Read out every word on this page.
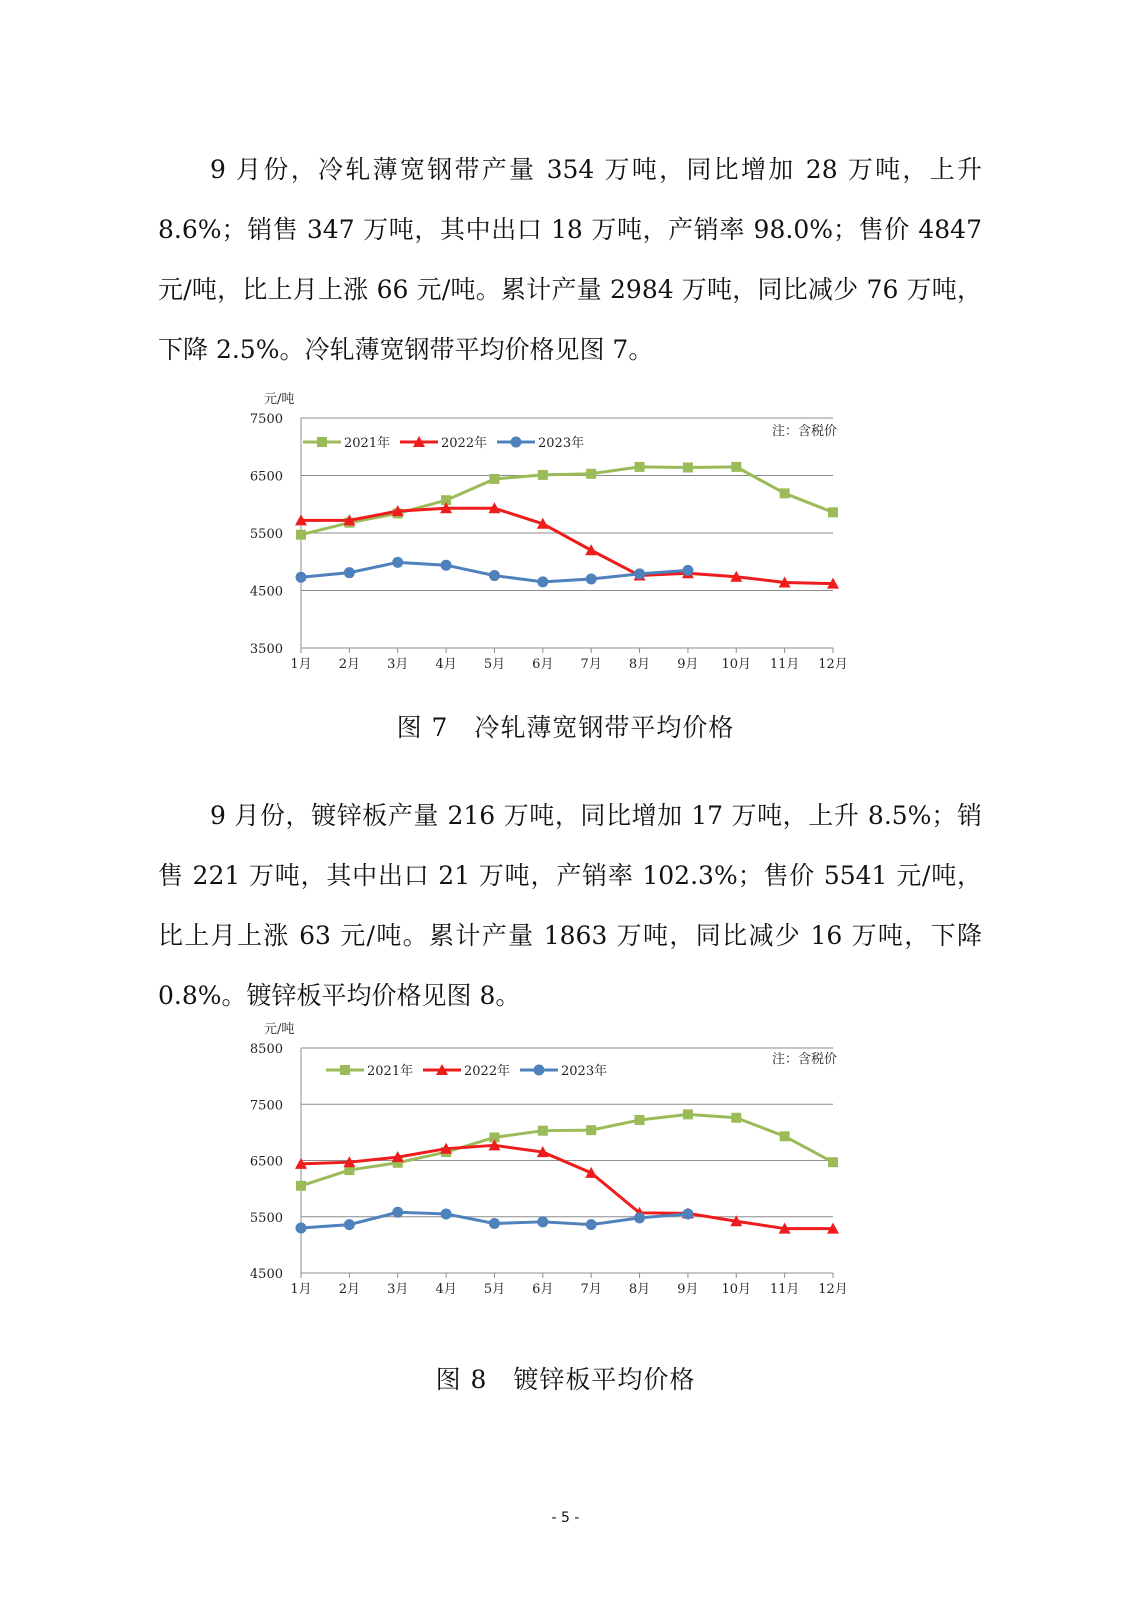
9 月份，冷轧薄宽钢带产量 354 万吨，同比增加 28 万吨，上升 8.6%；销售 347 万吨，其中出口 18 万吨，产销率 98.0%；售价 4847 元/吨，比上月上涨 66 元/吨。累计产量 2984 万吨，同比减少 76 万吨，下降 2.5%。冷轧薄宽钢带平均价格见图 7。

3500
4500
5500
6500
7500
1月 2月 3月 4月 5月 6月 7月 8月 9月 10月 11月 12月
元/吨
注：含税价
2021年	2022年	2023年
图 7　冷轧薄宽钢带平均价格

9 月份，镀锌板产量 216 万吨，同比增加 17 万吨，上升 8.5%；销售 221 万吨，其中出口 21 万吨，产销率 102.3%；售价 5541 元/吨，比上月上涨 63 元/吨。累计产量 1863 万吨，同比减少 16 万吨，下降 0.8%。镀锌板平均价格见图 8。

4500
5500
6500
7500
8500
1月 2月 3月 4月 5月 6月 7月 8月 9月 10月 11月 12月
元/吨
注：含税价
2021年	2022年	2023年
图 8　镀锌板平均价格
- 5 -
